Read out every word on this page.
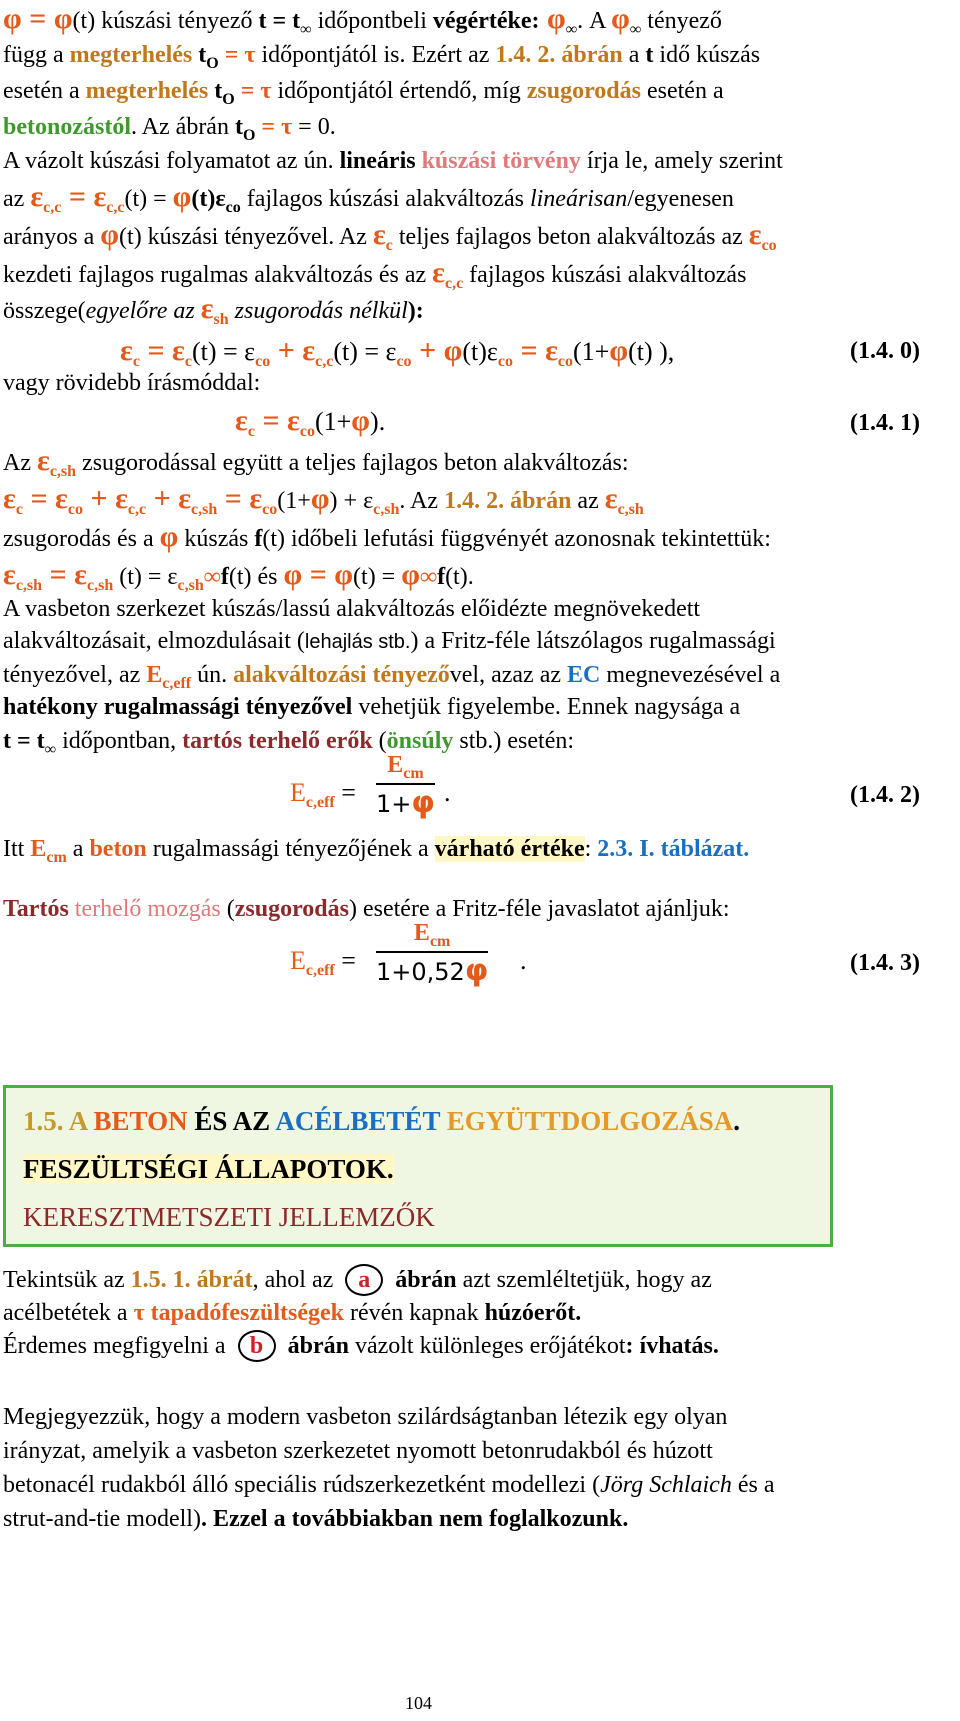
φ = φ(t) kúszási tényező $t = t_\infty$ időpontbeli végértéke: $\varphi_\infty$. A $\varphi_\infty$ tényező
függ a megterhelés $t_O = \tau$ időpontjától is. Ezért az 1.4. 2. ábrán a t idő kúszás
esetén a megterhelés $t_O = \tau$ időpontjától értendő, míg zsugorodás esetén a
betonozástól. Az ábrán $t_O = \tau = 0$.
A vázolt kúszási folyamatot az ún. lineáris kúszási törvény írja le, amely szerint
az $\varepsilon_{c,c} = \varepsilon_{c,c}(t) = \varphi(t)\varepsilon_{co}$ fajlagos kúszási alakváltozás lineárisan/egyenesen
arányos a φ(t) kúszási tényezővel. Az $\varepsilon_c$ teljes fajlagos beton alakváltozás az $\varepsilon_{co}$
kezdeti fajlagos rugalmas alakváltozás és az $\varepsilon_{c,c}$ fajlagos kúszási alakváltozás
összege(egyelőre az $\varepsilon_{sh}$ zsugorodás nélkül):
$\varepsilon_c = \varepsilon_c(t) = \varepsilon_{co} + \varepsilon_{c,c}(t) = \varepsilon_{co} + \varphi(t)\varepsilon_{co} = \varepsilon_{co}(1+\varphi(t)$ ),	(1.4. 0)
vagy rövidebb írásmóddal:
$\varepsilon_c = \varepsilon_{co}(1+\varphi)$.	(1.4. 1)
Az $\varepsilon_{c,sh}$ zsugorodással együtt a teljes fajlagos beton alakváltozás:
$\varepsilon_c = \varepsilon_{co} + \varepsilon_{c,c} + \varepsilon_{c,sh} = \varepsilon_{co}(1+\varphi) + \varepsilon_{c,sh}$. Az 1.4. 2. ábrán az $\varepsilon_{c,sh}$
zsugorodás és a φ kúszás f(t) időbeli lefutási függvényét azonosnak tekintettük:
$\varepsilon_{c,sh} = \varepsilon_{c,sh}$ $(t) = \varepsilon_{c,sh}\infty f(t)$ és φ = φ(t) = φ∞f(t).
A vasbeton szerkezet kúszás/lassú alakváltozás előidézte megnövekedett
alakváltozásait, elmozdulásait (lehajlás stb.) a Fritz-féle látszólagos rugalmassági
tényezővel, az $E_{c,eff}$ ún. alakváltozási tényezővel, azaz az EC megnevezésével a
hatékony rugalmassági tényezővel vehetjük figyelembe. Ennek nagysága a
$t = t_\infty$ időpontban, tartós terhelő erők (önsúly stb.) esetén:
$E_{c,eff}$ =
$E_{cm}$
1+φ .	(1.4. 2)
Itt $E_{cm}$ a beton rugalmassági tényezőjének a várható értéke: 2.3. I. táblázat.
Tartós terhelő mozgás (zsugorodás) esetére a Fritz-féle javaslatot ajánljuk:
$E_{c,eff}$ =
$E_{cm}$
1+0,52φ .	(1.4. 3)
1.5. A BETON ÉS AZ ACÉLBETÉT EGYÜTTDOLGOZÁSA.
FESZÜLTSÉGI ÁLLAPOTOK.
KERESZTMETSZETI JELLEMZŐK
Tekintsük az 1.5. 1. ábrát, ahol az a ábrán azt szemléltetjük, hogy az
acélbetétek a τ tapadófeszültségek révén kapnak húzóerőt.
Érdemes megfigyelni a b ábrán vázolt különleges erőjátékot: ívhatás.
Megjegyezzük, hogy a modern vasbeton szilárdságtanban létezik egy olyan
irányzat, amelyik a vasbeton szerkezetet nyomott betonrudakból és húzott
betonacél rudakból álló speciális rúdszerkezetként modellezi (Jörg Schlaich és a
strut-and-tie modell). Ezzel a továbbiakban nem foglalkozunk.
104
